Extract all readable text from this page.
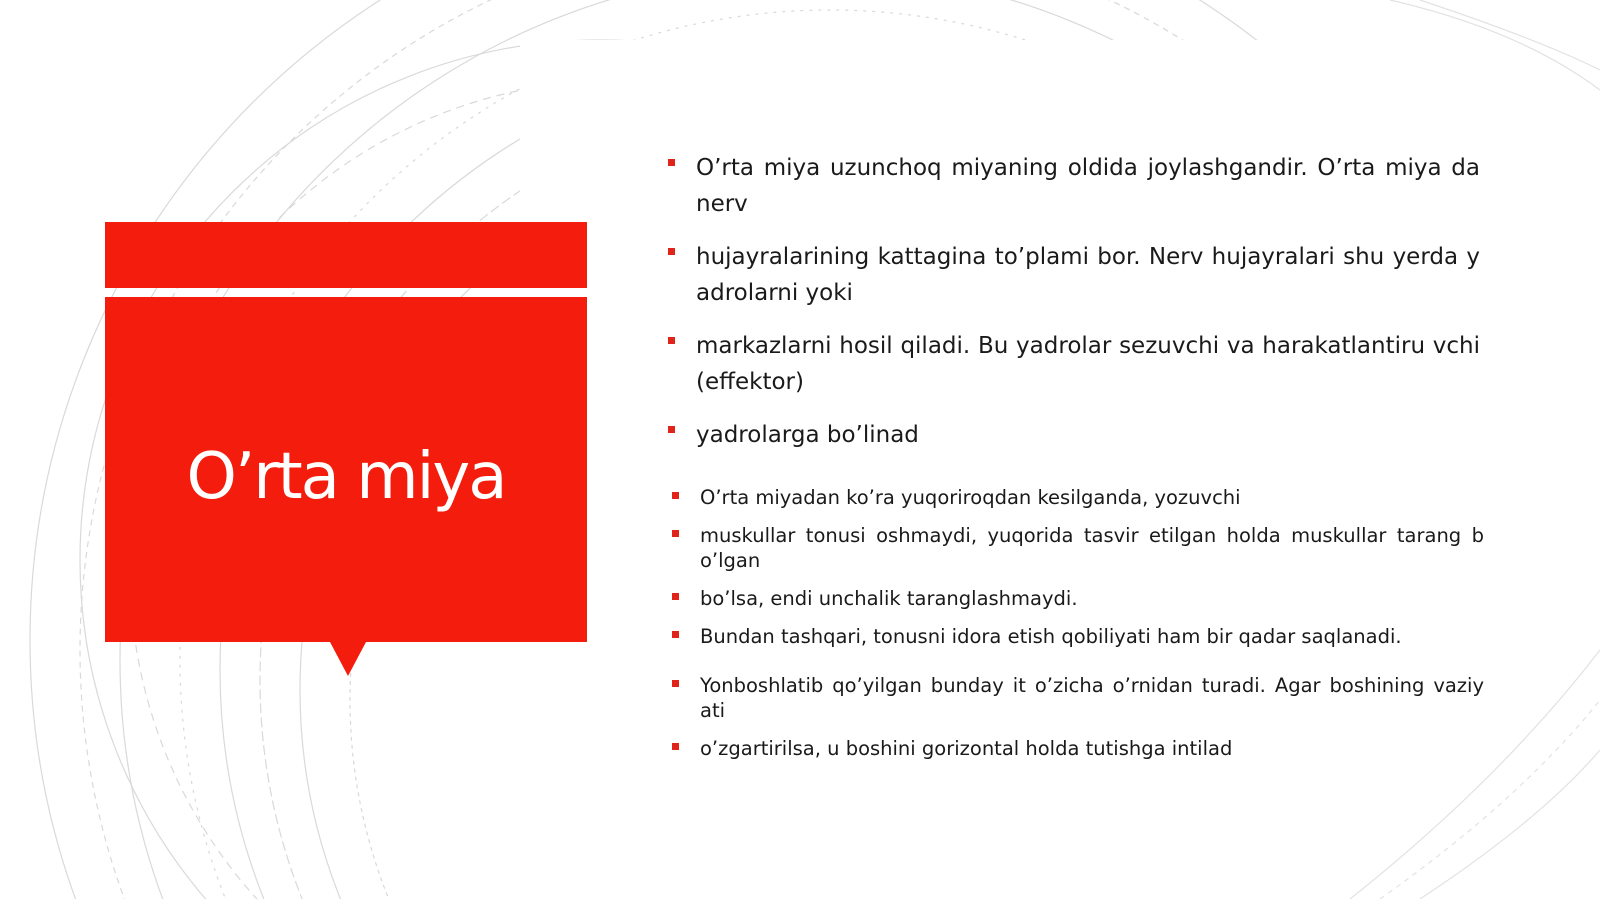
O’rta miya
O’rta miya uzunchoq miyaning oldida joylashgandir. O’rta miya da nerv
hujayralarining kattagina to’plami bor. Nerv hujayralari shu yerda y adrolarni yoki
markazlarni hosil qiladi. Bu yadrolar sezuvchi va harakatlantiru vchi (effektor)
yadrolarga bo’linad
O’rta miyadan ko’ra yuqoriroqdan kesilganda, yozuvchi
muskullar tonusi oshmaydi, yuqorida tasvir etilgan holda muskullar tarang b o’lgan
bo’lsa, endi unchalik taranglashmaydi.
Bundan tashqari, tonusni idora etish qobiliyati ham bir qadar saqlanadi.
Yonboshlatib qo’yilgan bunday it o’zicha o’rnidan turadi. Agar boshining vaziy ati
o’zgartirilsa, u boshini gorizontal holda tutishga intilad
